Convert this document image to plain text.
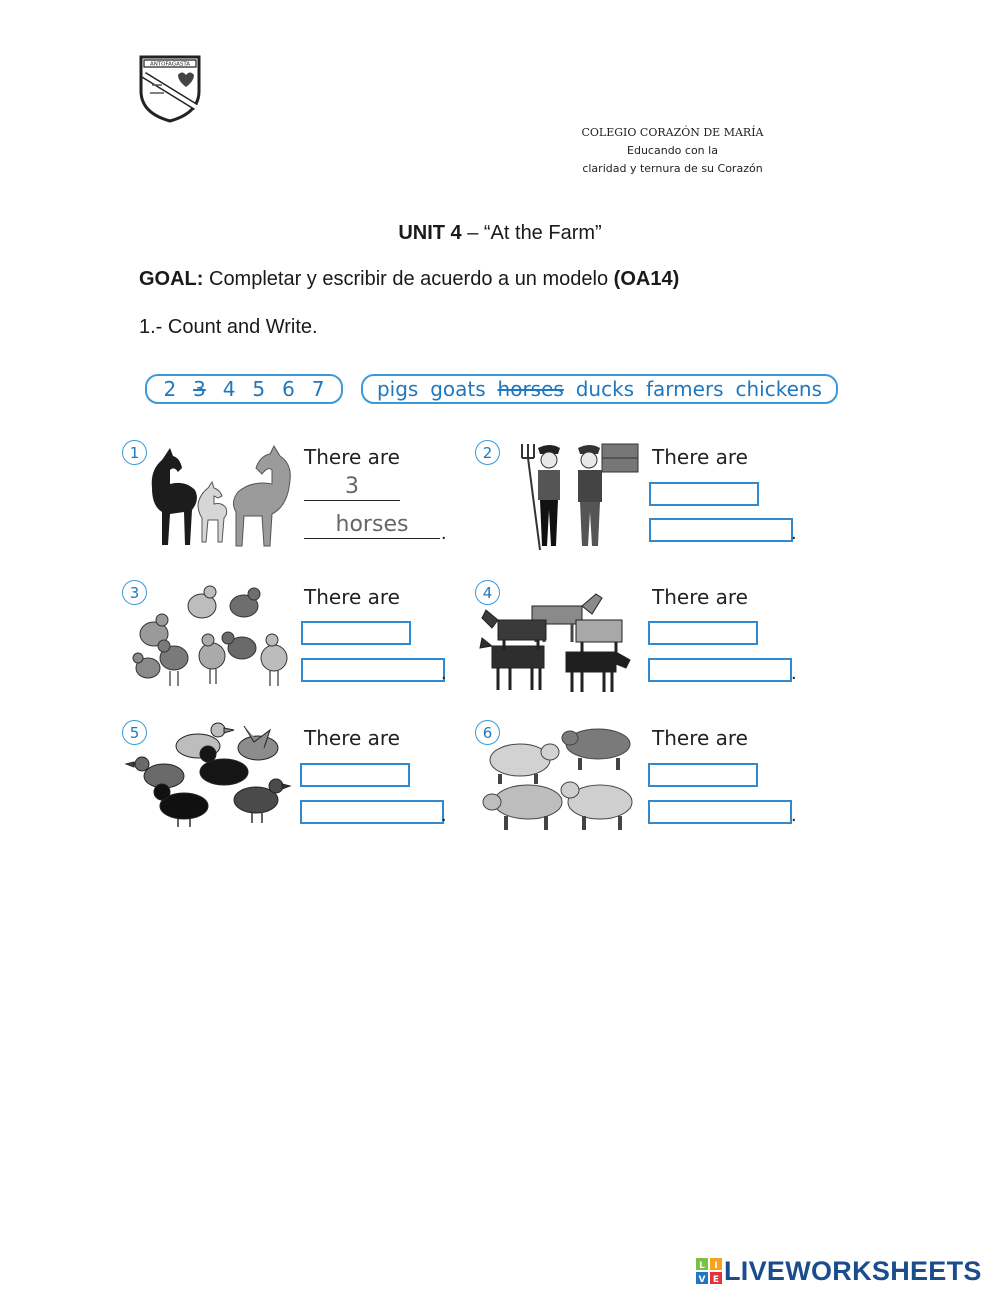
ANTOFAGASTA
COLEGIO CORAZÓN DE MARÍA
Educando con la
claridad y ternura de su Corazón
UNIT 4 – “At the Farm”
GOAL: Completar y escribir de acuerdo a un modelo (OA14)
1.- Count and Write.
2 3 4 5 6 7	pigs goats horses ducks farmers chickens
1	There are
3
horses	.
2	There are
.
3	There are
.
4	There are
.
5	There are
.
6	There are
.
L I
V E LIVEWORKSHEETS
